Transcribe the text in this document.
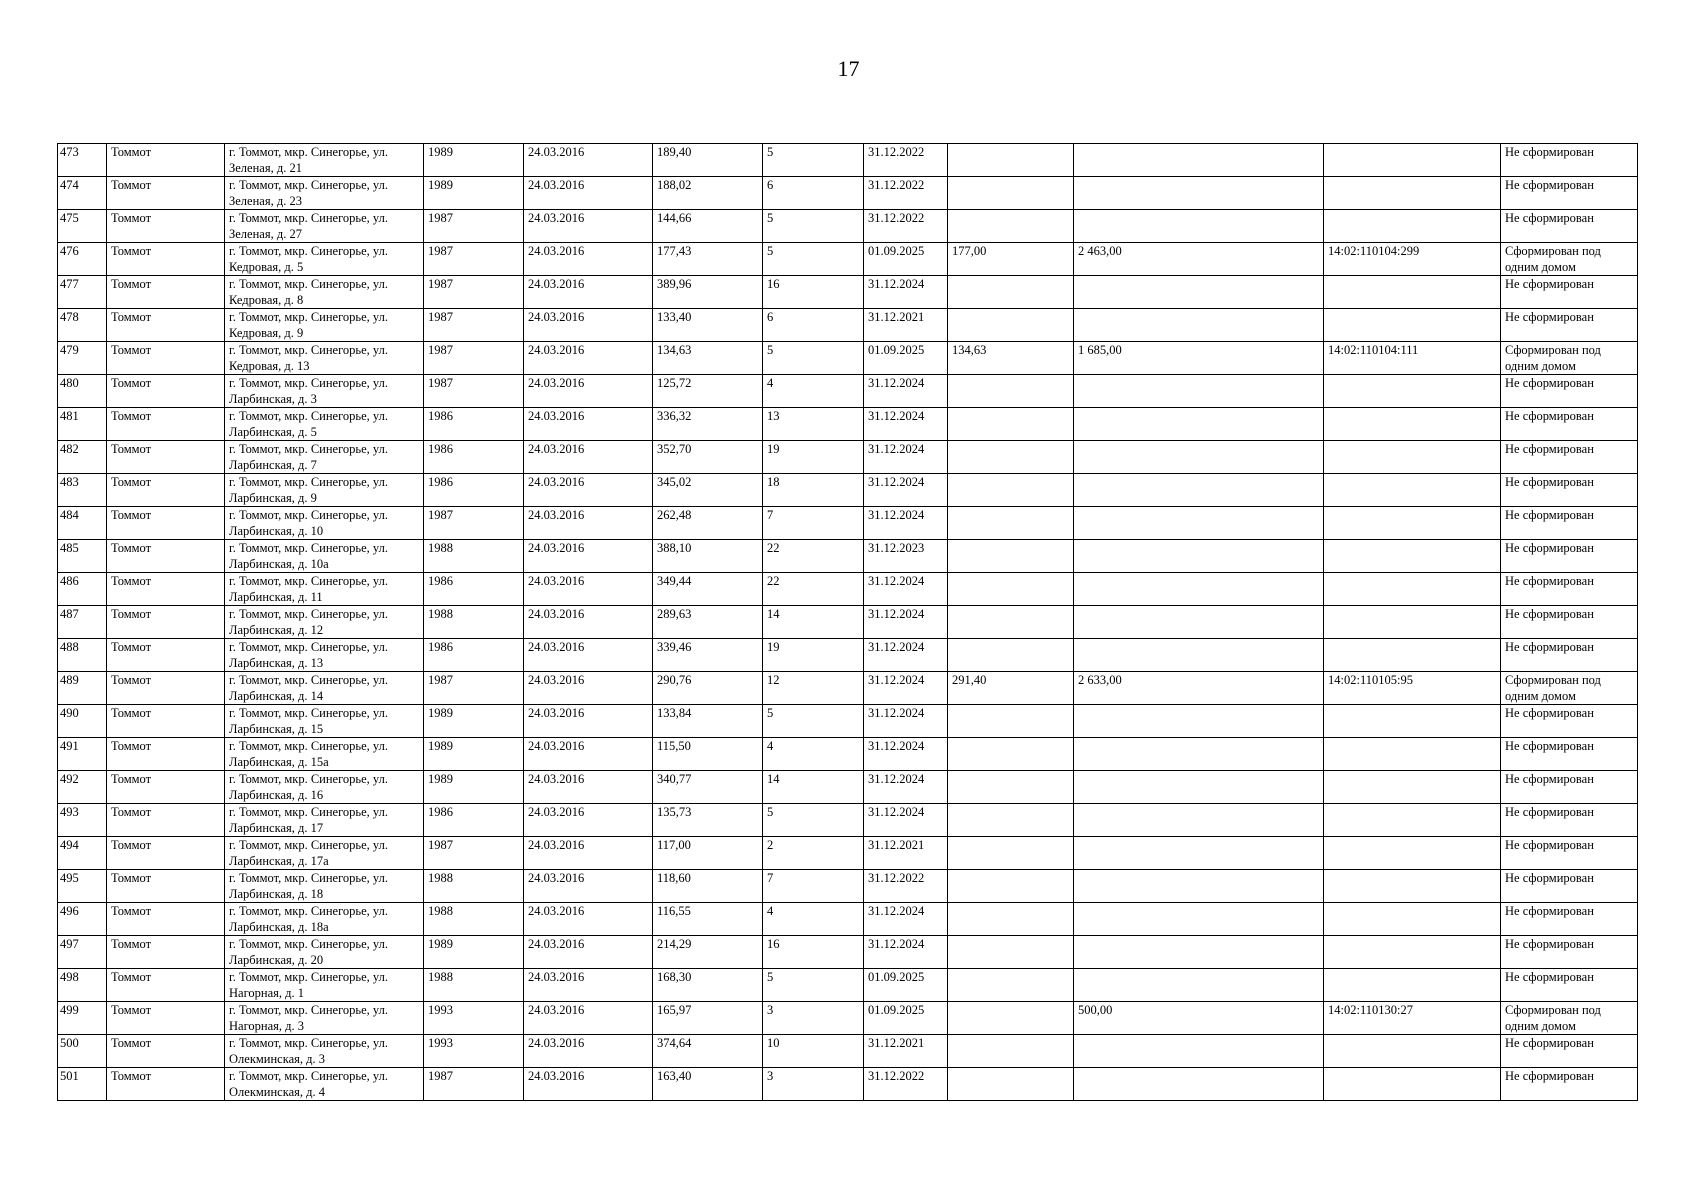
17
473	Томмот	г. Томмот, мкр. Синегорье, ул. Зеленая, д. 21	1989	24.03.2016	189,40	5	31.12.2022				Не сформирован
474	Томмот	г. Томмот, мкр. Синегорье, ул. Зеленая, д. 23	1989	24.03.2016	188,02	6	31.12.2022				Не сформирован
475	Томмот	г. Томмот, мкр. Синегорье, ул. Зеленая, д. 27	1987	24.03.2016	144,66	5	31.12.2022				Не сформирован
476	Томмот	г. Томмот, мкр. Синегорье, ул. Кедровая, д. 5	1987	24.03.2016	177,43	5	01.09.2025	177,00	2 463,00	14:02:110104:299	Сформирован под одним домом
477	Томмот	г. Томмот, мкр. Синегорье, ул. Кедровая, д. 8	1987	24.03.2016	389,96	16	31.12.2024				Не сформирован
478	Томмот	г. Томмот, мкр. Синегорье, ул. Кедровая, д. 9	1987	24.03.2016	133,40	6	31.12.2021				Не сформирован
479	Томмот	г. Томмот, мкр. Синегорье, ул. Кедровая, д. 13	1987	24.03.2016	134,63	5	01.09.2025	134,63	1 685,00	14:02:110104:111	Сформирован под одним домом
480	Томмот	г. Томмот, мкр. Синегорье, ул. Ларбинская, д. 3	1987	24.03.2016	125,72	4	31.12.2024				Не сформирован
481	Томмот	г. Томмот, мкр. Синегорье, ул. Ларбинская, д. 5	1986	24.03.2016	336,32	13	31.12.2024				Не сформирован
482	Томмот	г. Томмот, мкр. Синегорье, ул. Ларбинская, д. 7	1986	24.03.2016	352,70	19	31.12.2024				Не сформирован
483	Томмот	г. Томмот, мкр. Синегорье, ул. Ларбинская, д. 9	1986	24.03.2016	345,02	18	31.12.2024				Не сформирован
484	Томмот	г. Томмот, мкр. Синегорье, ул. Ларбинская, д. 10	1987	24.03.2016	262,48	7	31.12.2024				Не сформирован
485	Томмот	г. Томмот, мкр. Синегорье, ул. Ларбинская, д. 10а	1988	24.03.2016	388,10	22	31.12.2023				Не сформирован
486	Томмот	г. Томмот, мкр. Синегорье, ул. Ларбинская, д. 11	1986	24.03.2016	349,44	22	31.12.2024				Не сформирован
487	Томмот	г. Томмот, мкр. Синегорье, ул. Ларбинская, д. 12	1988	24.03.2016	289,63	14	31.12.2024				Не сформирован
488	Томмот	г. Томмот, мкр. Синегорье, ул. Ларбинская, д. 13	1986	24.03.2016	339,46	19	31.12.2024				Не сформирован
489	Томмот	г. Томмот, мкр. Синегорье, ул. Ларбинская, д. 14	1987	24.03.2016	290,76	12	31.12.2024	291,40	2 633,00	14:02:110105:95	Сформирован под одним домом
490	Томмот	г. Томмот, мкр. Синегорье, ул. Ларбинская, д. 15	1989	24.03.2016	133,84	5	31.12.2024				Не сформирован
491	Томмот	г. Томмот, мкр. Синегорье, ул. Ларбинская, д. 15а	1989	24.03.2016	115,50	4	31.12.2024				Не сформирован
492	Томмот	г. Томмот, мкр. Синегорье, ул. Ларбинская, д. 16	1989	24.03.2016	340,77	14	31.12.2024				Не сформирован
493	Томмот	г. Томмот, мкр. Синегорье, ул. Ларбинская, д. 17	1986	24.03.2016	135,73	5	31.12.2024				Не сформирован
494	Томмот	г. Томмот, мкр. Синегорье, ул. Ларбинская, д. 17а	1987	24.03.2016	117,00	2	31.12.2021				Не сформирован
495	Томмот	г. Томмот, мкр. Синегорье, ул. Ларбинская, д. 18	1988	24.03.2016	118,60	7	31.12.2022				Не сформирован
496	Томмот	г. Томмот, мкр. Синегорье, ул. Ларбинская, д. 18а	1988	24.03.2016	116,55	4	31.12.2024				Не сформирован
497	Томмот	г. Томмот, мкр. Синегорье, ул. Ларбинская, д. 20	1989	24.03.2016	214,29	16	31.12.2024				Не сформирован
498	Томмот	г. Томмот, мкр. Синегорье, ул. Нагорная, д. 1	1988	24.03.2016	168,30	5	01.09.2025				Не сформирован
499	Томмот	г. Томмот, мкр. Синегорье, ул. Нагорная, д. 3	1993	24.03.2016	165,97	3	01.09.2025		500,00	14:02:110130:27	Сформирован под одним домом
500	Томмот	г. Томмот, мкр. Синегорье, ул. Олекминская, д. 3	1993	24.03.2016	374,64	10	31.12.2021				Не сформирован
501	Томмот	г. Томмот, мкр. Синегорье, ул. Олекминская, д. 4	1987	24.03.2016	163,40	3	31.12.2022				Не сформирован
